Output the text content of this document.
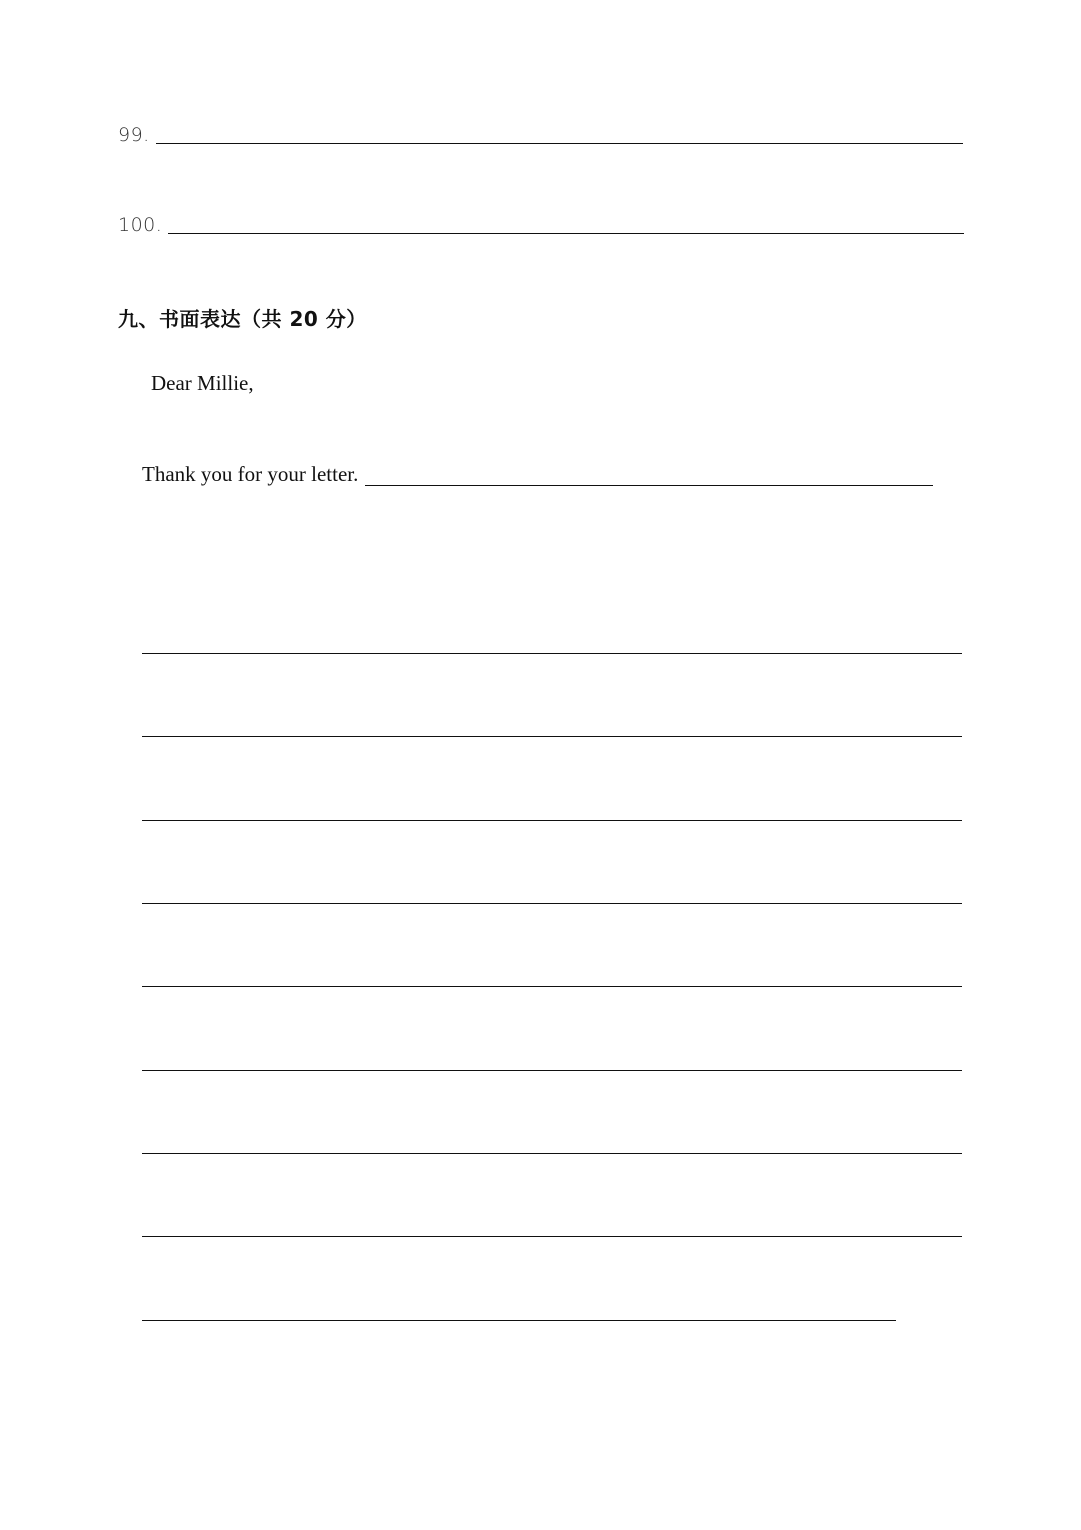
99.
100.
九、书面表达（共 20 分）
Dear Millie,
Thank you for your letter.
